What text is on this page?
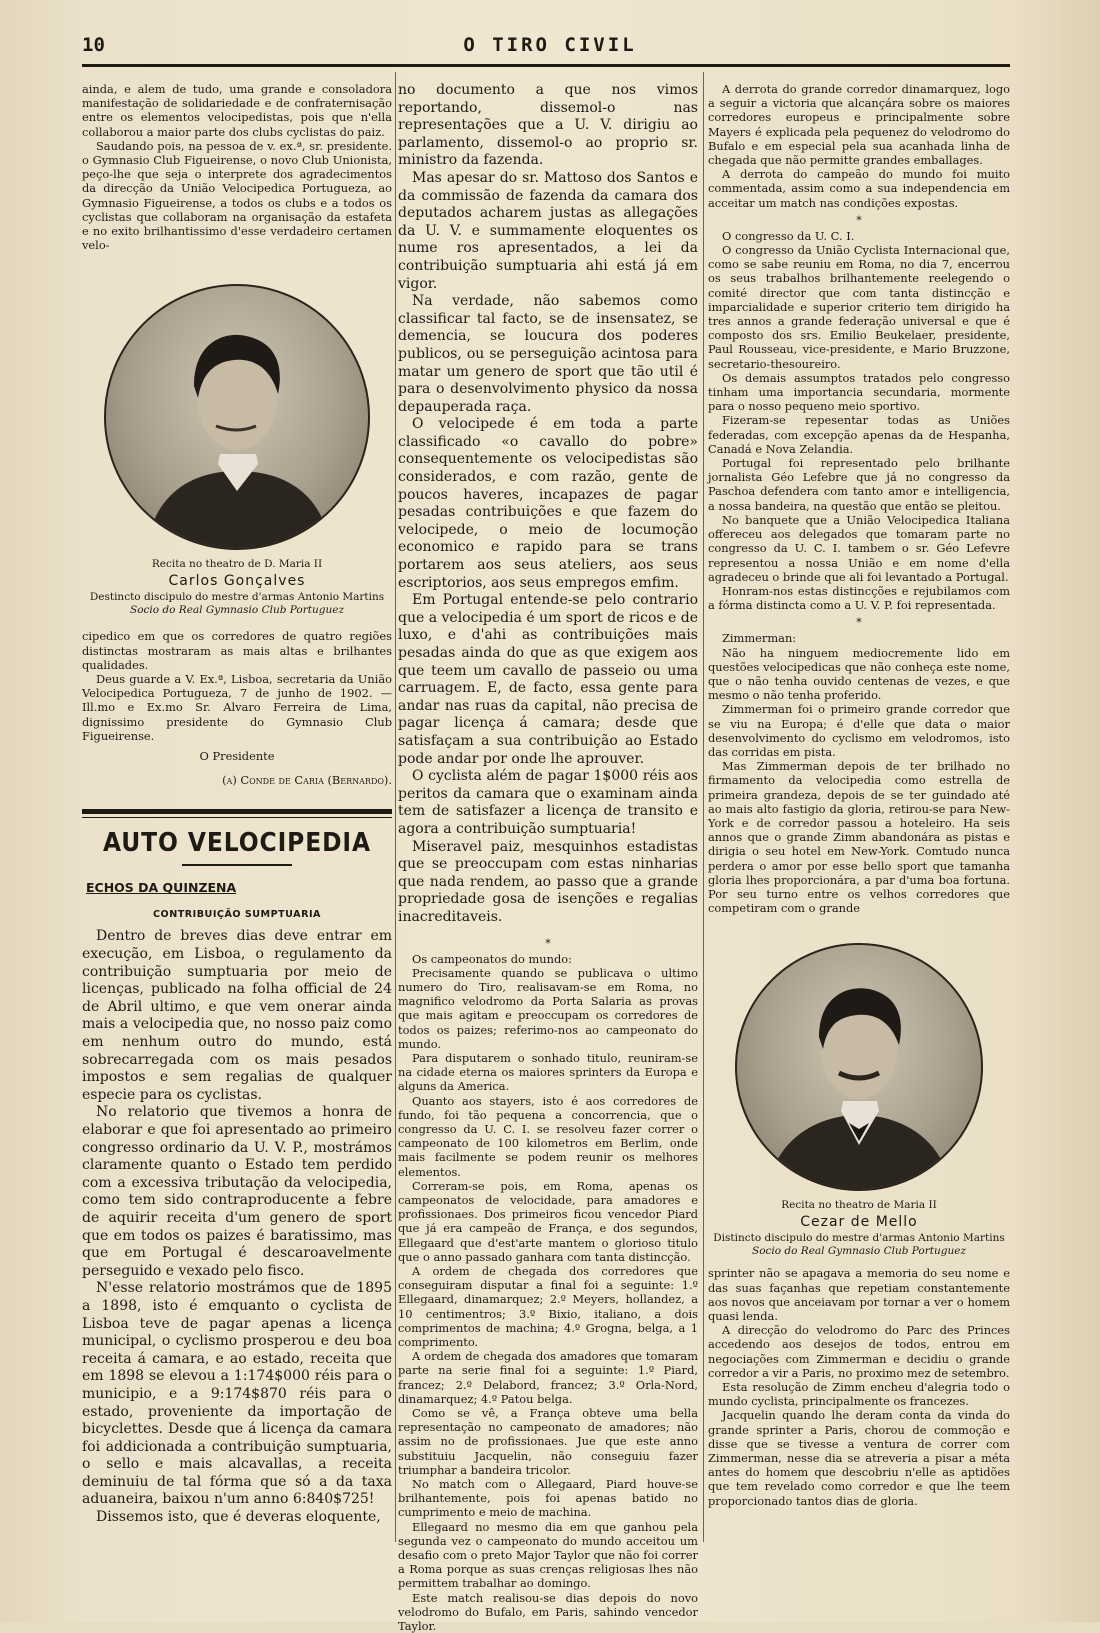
10	O TIRO CIVIL

ainda, e alem de tudo, uma grande e consoladora manifestação de solidariedade e de confraternisação entre os elementos velocipedistas, pois que n'ella collaborou a maior parte dos clubs cyclistas do paiz.

Saudando pois, na pessoa de v. ex.ª, sr. presidente. o Gymnasio Club Figueirense, o novo Club Unionista, peço-lhe que seja o interprete dos agradecimentos da direcção da União Velocipedica Portugueza, ao Gymnasio Figueirense, a todos os clubs e a todos os cyclistas que collaboram na organisação da estafeta e no exito brilhantissimo d'esse verdadeiro certamen velo-

Recita no theatro de D. Maria II
Carlos Gonçalves
Destincto discipulo do mestre d'armas Antonio Martins
Socio do Real Gymnasio Club Portuguez

cipedico em que os corredores de quatro regiões distinctas mostraram as mais altas e brilhantes qualidades.

Deus guarde a V. Ex.ª, Lisboa, secretaria da União Velocipedica Portugueza, 7 de junho de 1902. — Ill.mo e Ex.mo Sr. Alvaro Ferreira de Lima, dignissimo presidente do Gymnasio Club Figueirense.

O Presidente

(a) Conde de Caria (Bernardo).

AUTO VELOCIPEDIA
ECHOS DA QUINZENA
CONTRIBUIÇÃO SUMPTUARIA

Dentro de breves dias deve entrar em execução, em Lisboa, o regulamento da contribuição sumptuaria por meio de licenças, publicado na folha official de 24 de Abril ultimo, e que vem onerar ainda mais a velocipedia que, no nosso paiz como em nenhum outro do mundo, está sobrecarregada com os mais pesados impostos e sem regalias de qualquer especie para os cyclistas.

No relatorio que tivemos a honra de elaborar e que foi apresentado ao primeiro congresso ordinario da U. V. P., mostrámos claramente quanto o Estado tem perdido com a excessiva tributação da velocipedia, como tem sido contraproducente a febre de aquirir receita d'um genero de sport que em todos os paizes é baratissimo, mas que em Portugal é descaroavelmente perseguido e vexado pelo fisco.

N'esse relatorio mostrámos que de 1895 a 1898, isto é emquanto o cyclista de Lisboa teve de pagar apenas a licença municipal, o cyclismo prosperou e deu boa receita á camara, e ao estado, receita que em 1898 se elevou a 1:174$000 réis para o municipio, e a 9:174$870 réis para o estado, proveniente da importação de bicyclettes. Desde que á licença da camara foi addicionada a contribuição sumptuaria, o sello e mais alcavallas, a receita deminuiu de tal fórma que só a da taxa aduaneira, baixou n'um anno 6:840$725!

Dissemos isto, que é deveras eloquente,

no documento a que nos vimos reportando, dissemol-o nas representações que a U. V. dirigiu ao parlamento, dissemol-o ao proprio sr. ministro da fazenda.

Mas apesar do sr. Mattoso dos Santos e da commissão de fazenda da camara dos deputados acharem justas as allegações da U. V. e summamente eloquentes os nume ros apresentados, a lei da contribuição sumptuaria ahi está já em vigor.

Na verdade, não sabemos como classificar tal facto, se de insensatez, se demencia, se loucura dos poderes publicos, ou se perseguição acintosa para matar um genero de sport que tão util é para o desenvolvimento physico da nossa depauperada raça.

O velocipede é em toda a parte classificado «o cavallo do pobre» consequentemente os velocipedistas são considerados, e com razão, gente de poucos haveres, incapazes de pagar pesadas contribuições e que fazem do velocipede, o meio de locumoção economico e rapido para se trans portarem aos seus ateliers, aos seus escriptorios, aos seus empregos emfim.

Em Portugal entende-se pelo contrario que a velocipedia é um sport de ricos e de luxo, e d'ahi as contribuições mais pesadas ainda do que as que exigem aos que teem um cavallo de passeio ou uma carruagem. E, de facto, essa gente para andar nas ruas da capital, não precisa de pagar licença á camara; desde que satisfaçam a sua contribuição ao Estado pode andar por onde lhe aprouver.

O cyclista além de pagar 1$000 réis aos peritos da camara que o examinam ainda tem de satisfazer a licença de transito e agora a contribuição sumptuaria!

Miseravel paiz, mesquinhos estadistas que se preoccupam com estas ninharias que nada rendem, ao passo que a grande propriedade gosa de isenções e regalias inacreditaveis.

*

Os campeonatos do mundo:

Precisamente quando se publicava o ultimo numero do Tiro, realisavam-se em Roma, no magnifico velodromo da Porta Salaria as provas que mais agitam e preoccupam os corredores de todos os paizes; referimo-nos ao campeonato do mundo.

Para disputarem o sonhado titulo, reuniram-se na cidade eterna os maiores sprinters da Europa e alguns da America.

Quanto aos stayers, isto é aos corredores de fundo, foi tão pequena a concorrencia, que o congresso da U. C. I. se resolveu fazer correr o campeonato de 100 kilometros em Berlim, onde mais facilmente se podem reunir os melhores elementos.

Correram-se pois, em Roma, apenas os campeonatos de velocidade, para amadores e profissionaes. Dos primeiros ficou vencedor Piard que já era campeão de França, e dos segundos, Ellegaard que d'est'arte mantem o glorioso titulo que o anno passado ganhara com tanta distincção.

A ordem de chegada dos corredores que conseguiram disputar a final foi a seguinte: 1.º Ellegaard, dinamarquez; 2.º Meyers, hollandez, a 10 centimentros; 3.º Bixio, italiano, a dois comprimentos de machina; 4.º Grogna, belga, a 1 comprimento.

A ordem de chegada dos amadores que tomaram parte na serie final foi a seguinte: 1.º Piard, francez; 2.º Delabord, francez; 3.º Orla-Nord, dinamarquez; 4.º Patou belga.

Como se vê, a França obteve uma bella representação no campeonato de amadores; não assim no de profissionaes. Jue que este anno substituiu Jacquelin, não conseguiu fazer triumphar a bandeira tricolor.

No match com o Allegaard, Piard houve-se brilhantemente, pois foi apenas batido no cumprimento e meio de machina.

Ellegaard no mesmo dia em que ganhou pela segunda vez o campeonato do mundo acceitou um desafio com o preto Major Taylor que não foi correr a Roma porque as suas crenças religiosas lhes não permittem trabalhar ao domingo.

Este match realisou-se dias depois do novo velodromo do Bufalo, em Paris, sahindo vencedor Taylor.

A derrota do grande corredor dinamarquez, logo a seguir a victoria que alcançára sobre os maiores corredores europeus e principalmente sobre Mayers é explicada pela pequenez do velodromo do Bufalo e em especial pela sua acanhada linha de chegada que não permitte grandes emballages.

A derrota do campeão do mundo foi muito commentada, assim como a sua independencia em acceitar um match nas condições expostas.

*

O congresso da U. C. I.

O congresso da União Cyclista Internacional que, como se sabe reuniu em Roma, no dia 7, encerrou os seus trabalhos brilhantemente reelegendo o comité director que com tanta distincção e imparcialidade e superior criterio tem dirigido ha tres annos a grande federação universal e que é composto dos srs. Emilio Beukelaer, presidente, Paul Rousseau, vice-presidente, e Mario Bruzzone, secretario-thesoureiro.

Os demais assumptos tratados pelo congresso tinham uma importancia secundaria, mormente para o nosso pequeno meio sportivo.

Fizeram-se repesentar todas as Uniões federadas, com excepção apenas da de Hespanha, Canadá e Nova Zelandia.

Portugal foi representado pelo brilhante jornalista Géo Lefebre que já no congresso da Paschoa defendera com tanto amor e intelligencia, a nossa bandeira, na questão que então se pleitou.

No banquete que a União Velocipedica Italiana offereceu aos delegados que tomaram parte no congresso da U. C. I. tambem o sr. Géo Lefevre representou a nossa União e em nome d'ella agradeceu o brinde que ali foi levantado a Portugal.

Honram-nos estas distincções e rejubilamos com a fórma distincta como a U. V. P. foi representada.

*

Zimmerman:

Não ha ninguem mediocremente lido em questões velocipedicas que não conheça este nome, que o não tenha ouvido centenas de vezes, e que mesmo o não tenha proferido.

Zimmerman foi o primeiro grande corredor que se viu na Europa; é d'elle que data o maior desenvolvimento do cyclismo em velodromos, isto das corridas em pista.

Mas Zimmerman depois de ter brilhado no firmamento da velocipedia como estrella de primeira grandeza, depois de se ter guindado até ao mais alto fastigio da gloria, retirou-se para New-York e de corredor passou a hoteleiro. Ha seis annos que o grande Zimm abandonára as pistas e dirigia o seu hotel em New-York. Comtudo nunca perdera o amor por esse bello sport que tamanha gloria lhes proporcionára, a par d'uma boa fortuna. Por seu turno entre os velhos corredores que competiram com o grande

Recita no theatro de Maria II
Cezar de Mello
Distincto discipulo do mestre d'armas Antonio Martins
Socio do Real Gymnasio Club Portuguez

sprinter não se apagava a memoria do seu nome e das suas façanhas que repetiam constantemente aos novos que anceiavam por tornar a ver o homem quasi lenda.

A direcção do velodromo do Parc des Princes accedendo aos desejos de todos, entrou em negociações com Zimmerman e decidiu o grande corredor a vir a Paris, no proximo mez de setembro.

Esta resolução de Zimm encheu d'alegria todo o mundo cyclista, principalmente os francezes.

Jacquelin quando lhe deram conta da vinda do grande sprinter a Paris, chorou de commoção e disse que se tivesse a ventura de correr com Zimmerman, nesse dia se atreveria a pisar a méta antes do homem que descobriu n'elle as aptidões que tem revelado como corredor e que lhe teem proporcionado tantos dias de gloria.
